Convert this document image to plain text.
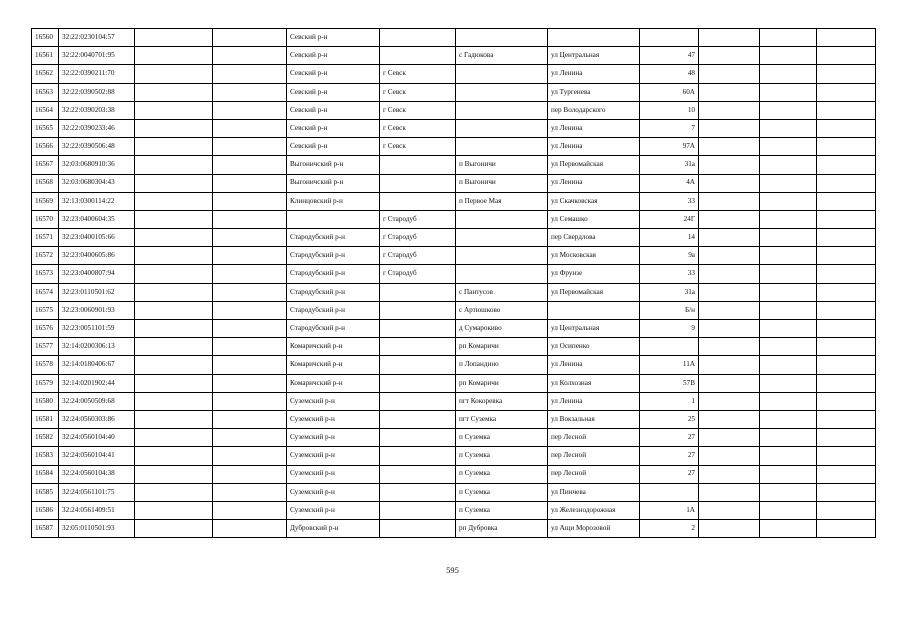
16560	32:22:0230104:57			Севский р-н							
16561	32:22:0040701:95			Севский р-н		с Гадюкова	ул Центральная	47			
16562	32:22:0390211:70			Севский р-н	г Севск		ул Ленина	48			
16563	32:22:0390502:88			Севский р-н	г Севск		ул Тургенева	60А			
16564	32:22:0390203:38			Севский р-н	г Севск		пер Володарского	10			
16565	32:22:0390233:46			Севский р-н	г Севск		ул Ленина	7			
16566	32:22:0390506:48			Севский р-н	г Севск		ул Ленина	97А			
16567	32:03:0680910:36			Выгоничский р-н		п Выгоничи	ул Первомайская	31а			
16568	32:03:0680304:43			Выгоничский р-н		п Выгоничи	ул Ленина	4А			
16569	32:13:0300114:22			Клинцовский р-н		п Первое Мая	ул Скачковская	33			
16570	32:23:0400604:35				г Стародуб		ул Семашко	24Г			
16571	32:23:0400105:66			Стародубский р-н	г Стародуб		пер Свердлова	14			
16572	32:23:0400605:86			Стародубский р-н	г Стародуб		ул Московская	9а			
16573	32:23:0400807:94			Стародубский р-н	г Стародуб		ул Фрунзе	33			
16574	32:23:0110501:62			Стародубский р-н		с Пантусов	ул Первомайская	31а			
16575	32:23:0060901:93			Стародубский р-н		с Артюшково		Б/н			
16576	32:23:0051101:59			Стародубский р-н		д Сумарокиво	ул Центральная	9			
16577	32:14:0200306:13			Комаричский р-н		рп Комаричи	ул Осипенко				
16578	32:14:0180406:67			Комаричский р-н		п Лопандино	ул Ленина	11А			
16579	32:14:0201902:44			Комаричский р-н		рп Комаричи	ул Колхозная	57В			
16580	32:24:0050509:68			Суземский р-н		пгт Кокоревка	ул Ленина	1			
16581	32:24:0560303:86			Суземский р-н		пгт Суземка	ул Вокзальная	25			
16582	32:24:0560104:40			Суземский р-н		п Суземка	пер Лесной	27			
16583	32:24:0560104:41			Суземский р-н		п Суземка	пер Лесной	27			
16584	32:24:0560104:38			Суземский р-н		п Суземка	пер Лесной	27			
16585	32:24:0561101:75			Суземский р-н		п Суземка	ул Пинчева				
16586	32:24:0561409:51			Суземский р-н		п Суземка	ул Железнодорожная	1А			
16587	32:05:0110501:93			Дубровский р-н		рп Дубровка	ул Ащи Морозовой	2			
595
